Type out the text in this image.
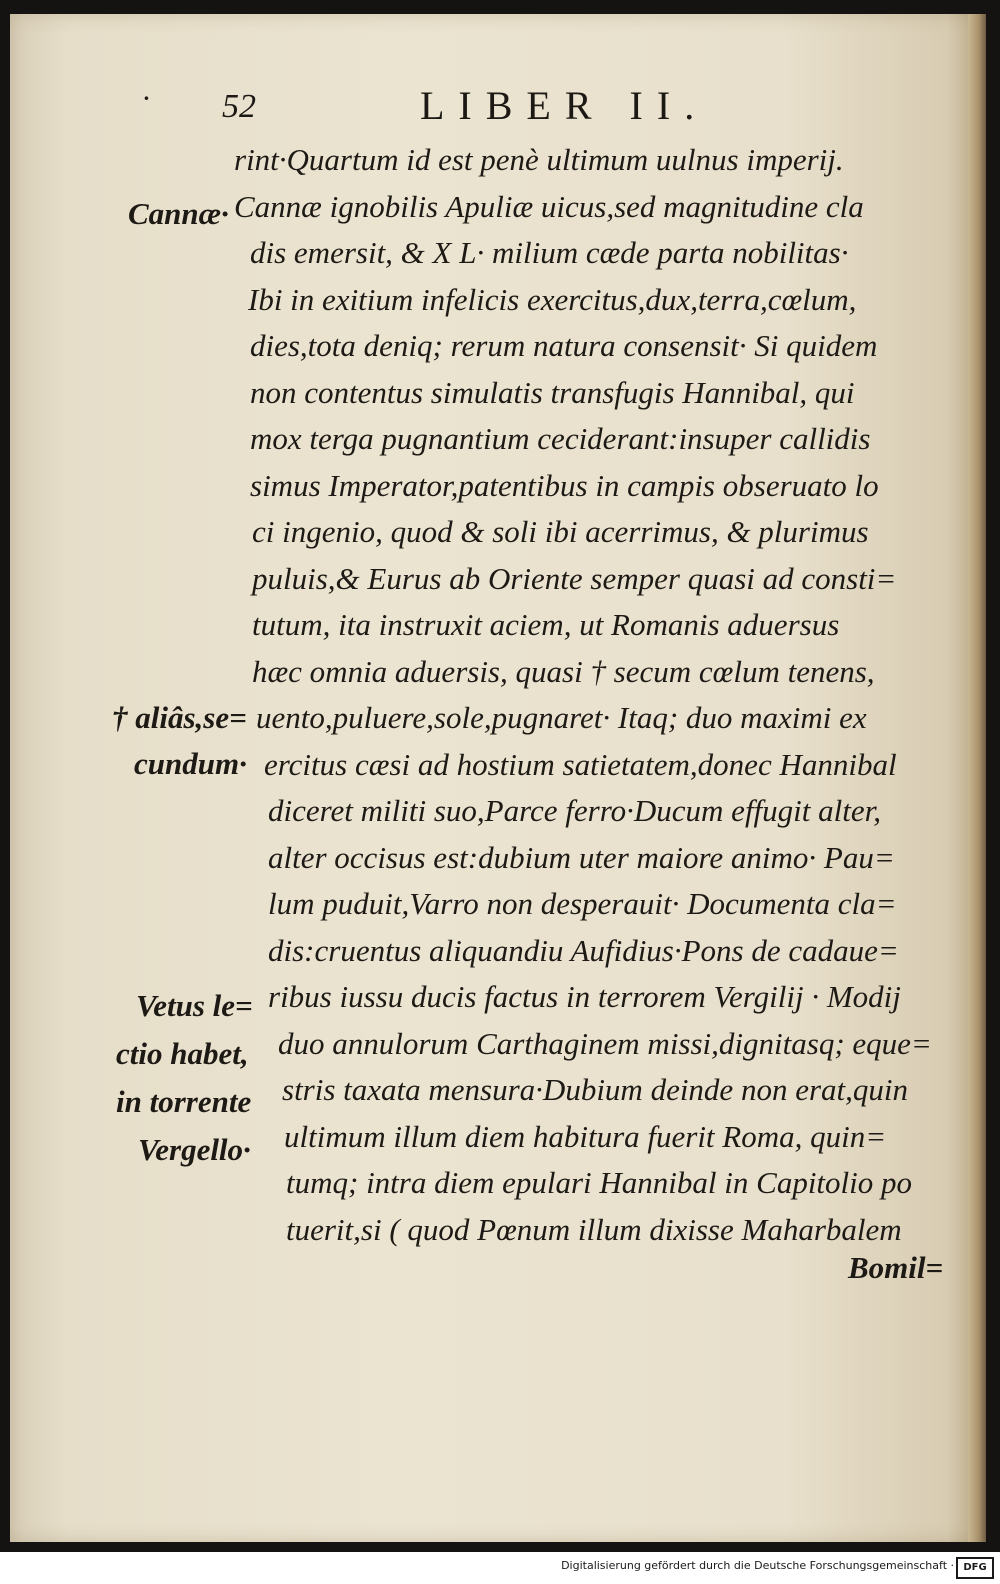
· 52	LIBER II.
rint·Quartum id est penè ultimum uulnus imperij.
Cannæ ignobilis Apuliæ uicus,sed magnitudine cla
dis emersit, & X L· milium cæde parta nobilitas·
Ibi in exitium infelicis exercitus,dux,terra,cœlum,
dies,tota deniq; rerum natura consensit· Si quidem
non contentus simulatis transfugis Hannibal, qui
mox terga pugnantium ceciderant:insuper callidis
simus Imperator,patentibus in campis obseruato lo
ci ingenio, quod & soli ibi acerrimus, & plurimus
puluis,& Eurus ab Oriente semper quasi ad consti=
tutum, ita instruxit aciem, ut Romanis aduersus
hæc omnia aduersis, quasi † secum cœlum tenens,
uento,puluere,sole,pugnaret· Itaq; duo maximi ex
ercitus cæsi ad hostium satietatem,donec Hannibal
diceret militi suo,Parce ferro·Ducum effugit alter,
alter occisus est:dubium uter maiore animo· Pau=
lum puduit,Varro non desperauit· Documenta cla=
dis:cruentus aliquandiu Aufidius·Pons de cadaue=
ribus iussu ducis factus in terrorem Vergilij · Modij
duo annulorum Carthaginem missi,dignitasq; eque=
stris taxata mensura·Dubium deinde non erat,quin
ultimum illum diem habitura fuerit Roma, quin=
tumq; intra diem epulari Hannibal in Capitolio po
tuerit,si ( quod Pœnum illum dixisse Maharbalem
Cannæ·
† aliâs,se=
cundum·
Vetus le=
ctio habet,
in torrente
Vergello·
Bomil=
Digitalisierung gefördert durch die Deutsche Forschungsgemeinschaft · DFG
